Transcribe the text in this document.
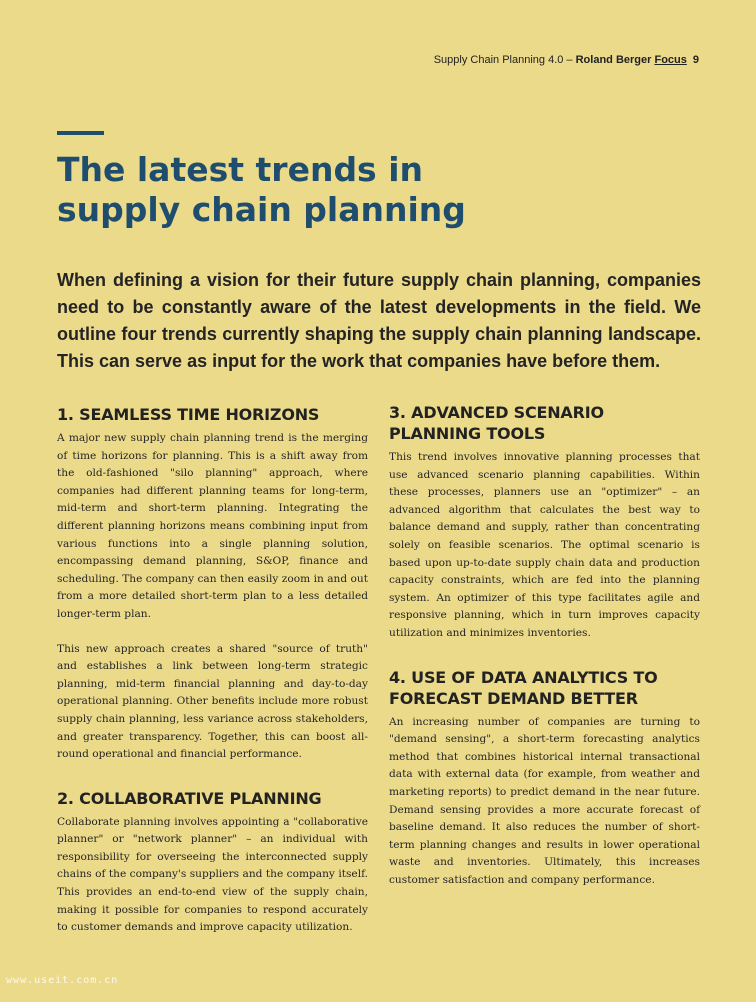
Supply Chain Planning 4.0 – Roland Berger Focus 9
The latest trends in
supply chain planning

When defining a vision for their future supply chain planning, companies need to be constantly aware of the latest developments in the field. We outline four trends currently shaping the supply chain planning landscape. This can serve as input for the work that companies have before them.

1. SEAMLESS TIME HORIZONS

A major new supply chain planning trend is the merging of time horizons for planning. This is a shift away from the old-fashioned "silo planning" approach, where companies had different planning teams for long-term, mid-term and short-term planning. Integrating the different planning horizons means combining input from various functions into a single planning solution, encompassing demand planning, S&OP, finance and scheduling. The company can then easily zoom in and out from a more detailed short-term plan to a less detailed longer-term plan.

This new approach creates a shared "source of truth" and establishes a link between long-term strategic planning, mid-term financial planning and day-to-day operational planning. Other benefits include more robust supply chain planning, less variance across stakeholders, and greater transparency. Together, this can boost all-round operational and financial performance.

2. COLLABORATIVE PLANNING

Collaborate planning involves appointing a "collaborative planner" or "network planner" – an individual with responsibility for overseeing the interconnected supply chains of the company's suppliers and the company itself. This provides an end-to-end view of the supply chain, making it possible for companies to respond accurately to customer demands and improve capacity utilization.

3. ADVANCED SCENARIO PLANNING TOOLS

This trend involves innovative planning processes that use advanced scenario planning capabilities. Within these processes, planners use an "optimizer" – an advanced algorithm that calculates the best way to balance demand and supply, rather than concentrating solely on feasible scenarios. The optimal scenario is based upon up-to-date supply chain data and production capacity constraints, which are fed into the planning system. An optimizer of this type facilitates agile and responsive planning, which in turn improves capacity utilization and minimizes inventories.

4. USE OF DATA ANALYTICS TO FORECAST DEMAND BETTER

An increasing number of companies are turning to "demand sensing", a short-term forecasting analytics method that combines historical internal transactional data with external data (for example, from weather and marketing reports) to predict demand in the near future. Demand sensing provides a more accurate forecast of baseline demand. It also reduces the number of short-term planning changes and results in lower operational waste and inventories. Ultimately, this increases customer satisfaction and company performance.

www.useit.com.cn
